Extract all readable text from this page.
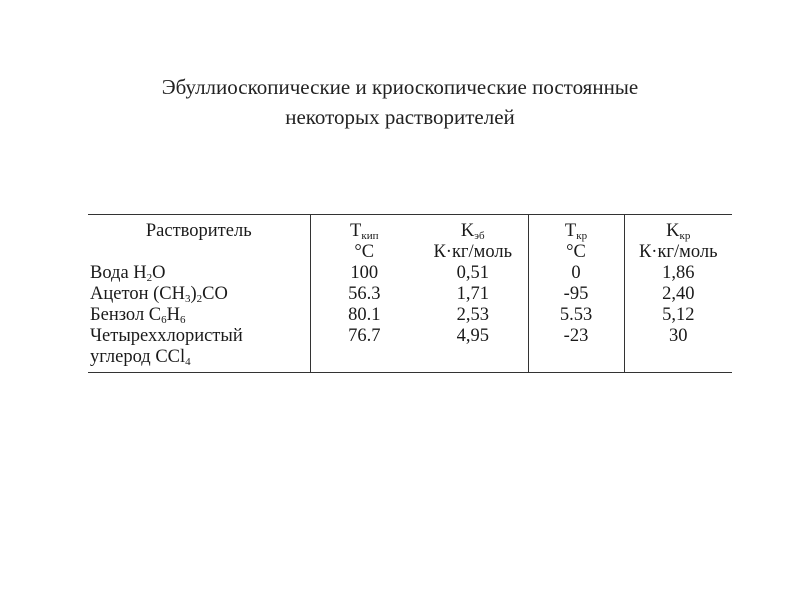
Эбуллиоскопические и криоскопические постоянные
некоторых растворителей
Растворитель	$T_{кип}$	$K_{эб}$	$T_{кр}$	$K_{кр}$
	°C	К·кг/моль	°C	К·кг/моль
Вода $H_2O$	100	0,51	0	1,86
Ацетон $(CH_3)_2CO$	56.3	1,71	-95	2,40
Бензол $C_6H_6$	80.1	2,53	5.53	5,12
Четыреххлористый	76.7	4,95	-23	30
углерод CCl$_4$				
